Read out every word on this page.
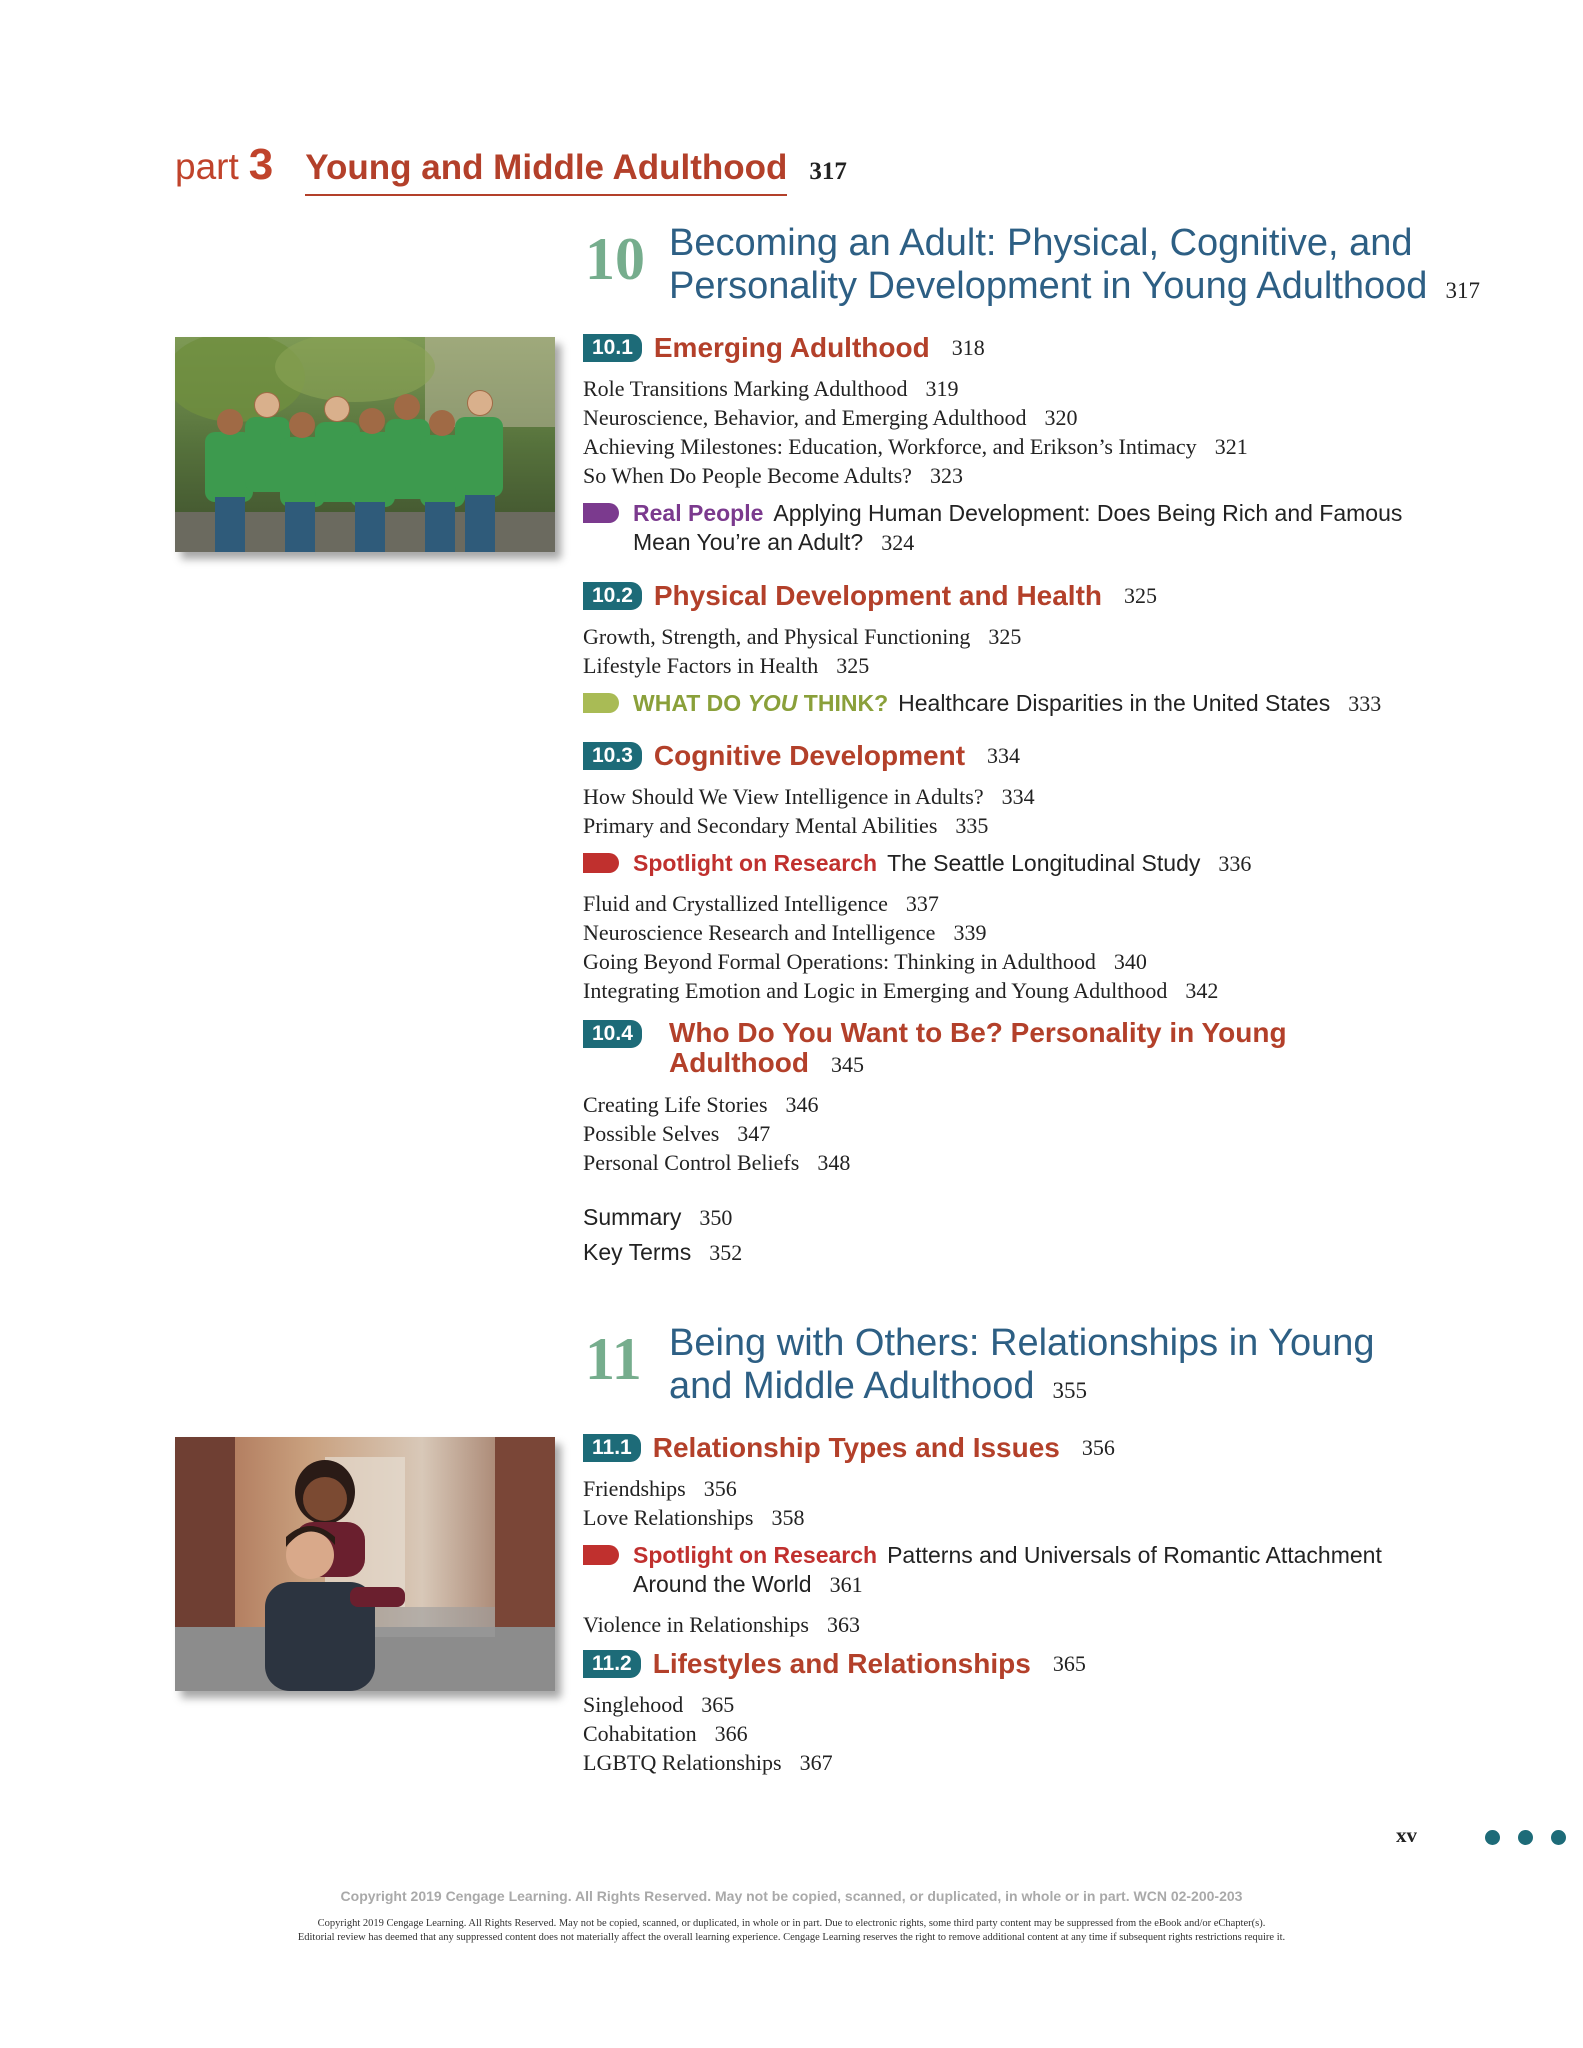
part 3 Young and Middle Adulthood 317
10 Becoming an Adult: Physical, Cognitive, and
Personality Development in Young Adulthood 317
10.1 Emerging Adulthood 318
Role Transitions Marking Adulthood 319
Neuroscience, Behavior, and Emerging Adulthood 320
Achieving Milestones: Education, Workforce, and Erikson’s Intimacy 321
So When Do People Become Adults? 323
Real People Applying Human Development: Does Being Rich and Famous
Mean You’re an Adult? 324
10.2 Physical Development and Health 325
Growth, Strength, and Physical Functioning 325
Lifestyle Factors in Health 325
WHAT DO YOU THINK? Healthcare Disparities in the United States 333
10.3 Cognitive Development 334
How Should We View Intelligence in Adults? 334
Primary and Secondary Mental Abilities 335
Spotlight on Research The Seattle Longitudinal Study 336
Fluid and Crystallized Intelligence 337
Neuroscience Research and Intelligence 339
Going Beyond Formal Operations: Thinking in Adulthood 340
Integrating Emotion and Logic in Emerging and Young Adulthood 342
10.4	Who Do You Want to Be? Personality in Young
Adulthood 345
Creating Life Stories 346
Possible Selves 347
Personal Control Beliefs 348
Summary 350
Key Terms 352
11 Being with Others: Relationships in Young
and Middle Adulthood 355
11.1 Relationship Types and Issues 356
Friendships 356
Love Relationships 358
Spotlight on Research Patterns and Universals of Romantic Attachment
Around the World 361
Violence in Relationships 363
11.2 Lifestyles and Relationships 365
Singlehood 365
Cohabitation 366
LGBTQ Relationships 367
xv
Copyright 2019 Cengage Learning. All Rights Reserved. May not be copied, scanned, or duplicated, in whole or in part. WCN 02-200-203
Copyright 2019 Cengage Learning. All Rights Reserved. May not be copied, scanned, or duplicated, in whole or in part. Due to electronic rights, some third party content may be suppressed from the eBook and/or eChapter(s).
Editorial review has deemed that any suppressed content does not materially affect the overall learning experience. Cengage Learning reserves the right to remove additional content at any time if subsequent rights restrictions require it.
